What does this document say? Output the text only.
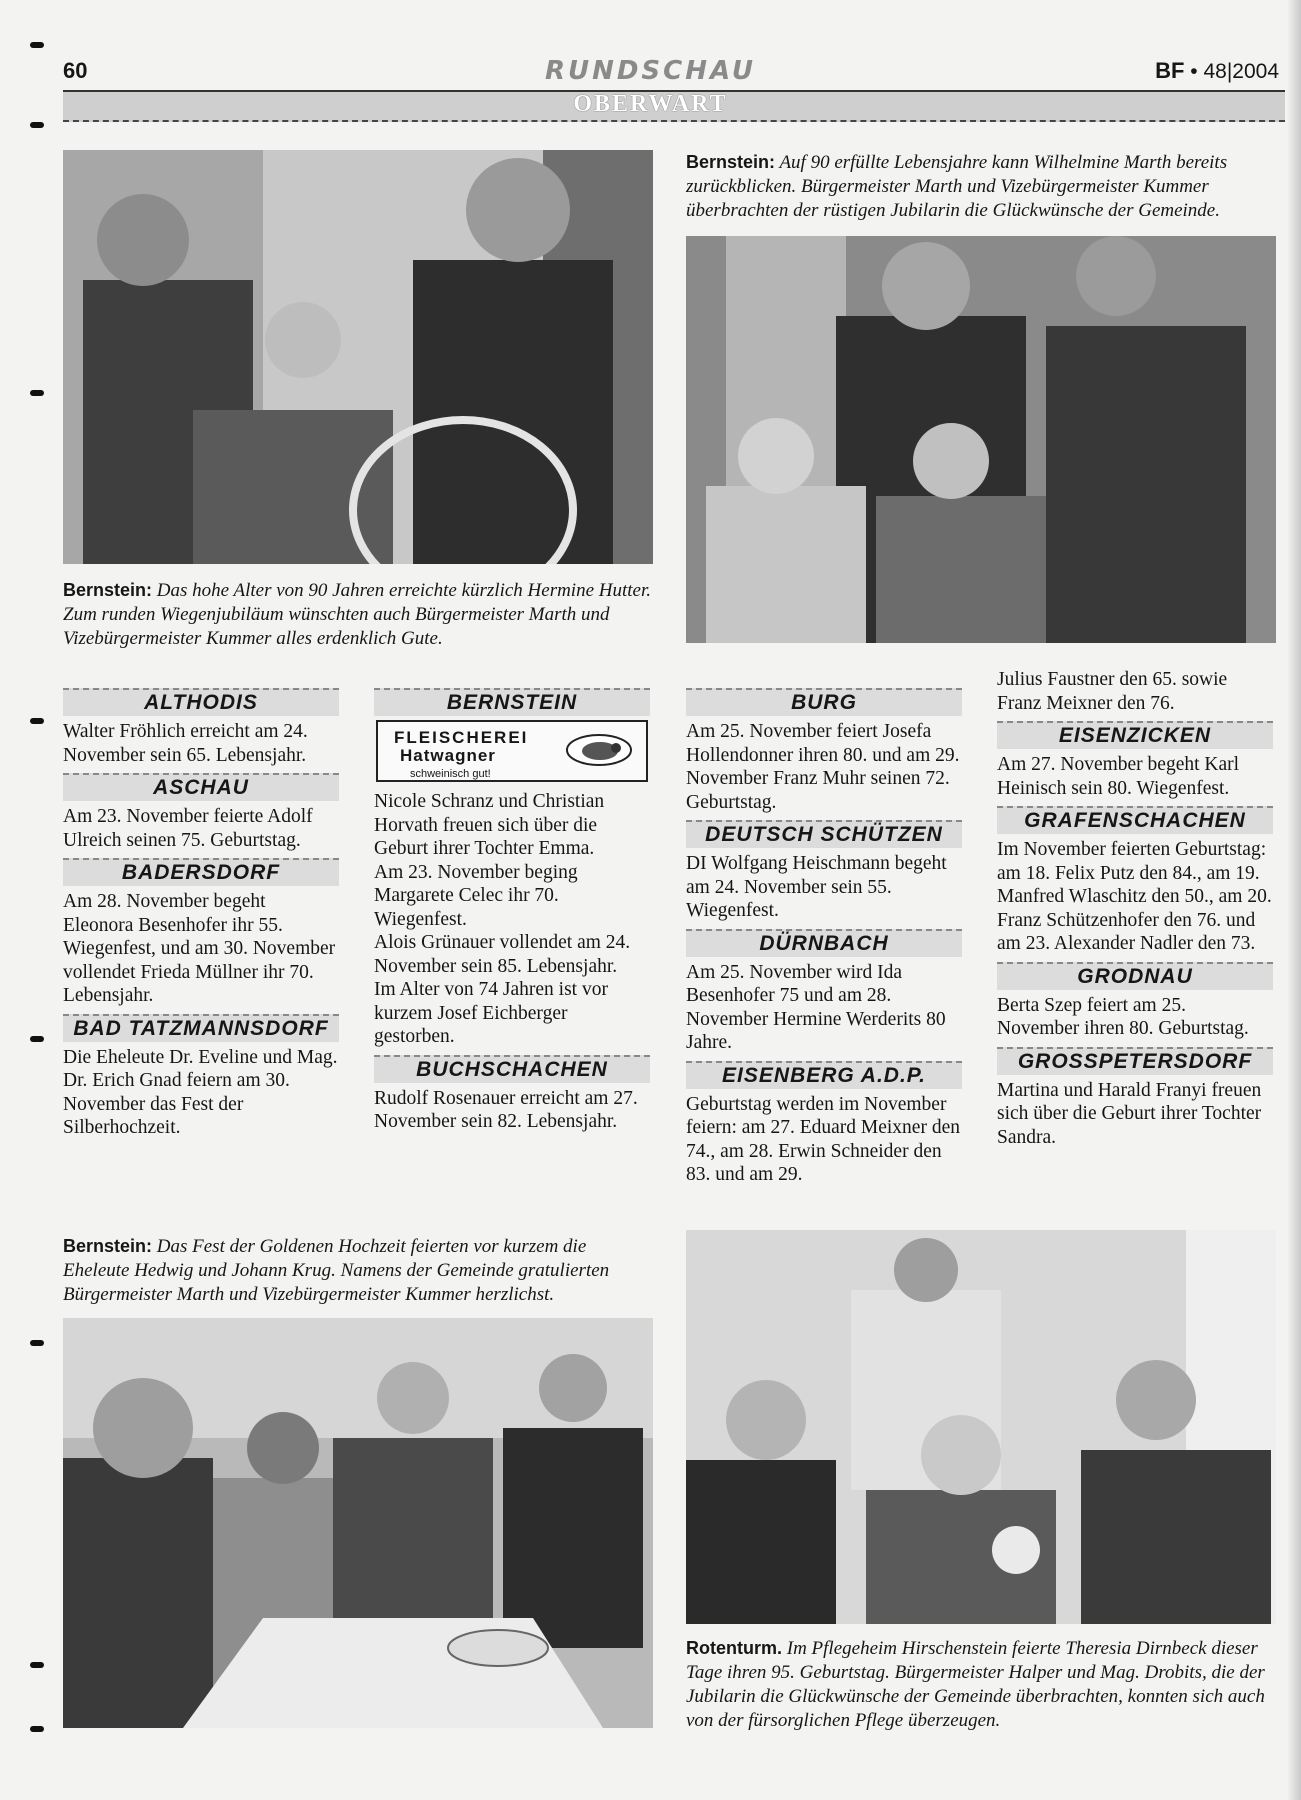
60	RUNDSCHAU	BF • 48|2004
OBERWART
Bernstein: Das hohe Alter von 90 Jahren erreichte kürzlich Hermine Hutter. Zum runden Wiegenjubiläum wünschten auch Bürgermeister Marth und Vizebürgermeister Kummer alles erdenklich Gute.
Bernstein: Auf 90 erfüllte Lebensjahre kann Wilhelmine Marth bereits zurückblicken. Bürgermeister Marth und Vizebürgermeister Kummer überbrachten der rüstigen Jubilarin die Glückwünsche der Gemeinde.
ALTHODIS

Walter Fröhlich erreicht am 24. November sein 65. Lebensjahr.

ASCHAU

Am 23. November feierte Adolf Ulreich seinen 75. Geburtstag.

BADERSDORF

Am 28. November begeht Eleonora Besenhofer ihr 55. Wiegenfest, und am 30. November vollendet Frieda Müllner ihr 70. Lebensjahr.

BAD TATZMANNSDORF

Die Eheleute Dr. Eveline und Mag. Dr. Erich Gnad feiern am 30. November das Fest der Silberhochzeit.

BERNSTEIN
FLEISCHEREI
Hatwagner
schweinisch gut!

Nicole Schranz und Christian Horvath freuen sich über die Geburt ihrer Tochter Emma.

Am 23. November beging Margarete Celec ihr 70. Wiegenfest.

Alois Grünauer vollendet am 24. November sein 85. Lebensjahr.

Im Alter von 74 Jahren ist vor kurzem Josef Eichberger gestorben.

BUCHSCHACHEN

Rudolf Rosenauer erreicht am 27. November sein 82. Lebensjahr.

BURG

Am 25. November feiert Josefa Hollendonner ihren 80. und am 29. November Franz Muhr seinen 72. Geburtstag.

DEUTSCH SCHÜTZEN

DI Wolfgang Heischmann begeht am 24. November sein 55. Wiegenfest.

DÜRNBACH

Am 25. November wird Ida Besenhofer 75 und am 28. November Hermine Werderits 80 Jahre.

EISENBERG A.D.P.

Geburtstag werden im November feiern: am 27. Eduard Meixner den 74., am 28. Erwin Schneider den 83. und am 29.

Julius Faustner den 65. sowie Franz Meixner den 76.

EISENZICKEN

Am 27. November begeht Karl Heinisch sein 80. Wiegenfest.

GRAFENSCHACHEN

Im November feierten Geburtstag: am 18. Felix Putz den 84., am 19. Manfred Wlaschitz den 50., am 20. Franz Schützenhofer den 76. und am 23. Alexander Nadler den 73.

GRODNAU

Berta Szep feiert am 25. November ihren 80. Geburtstag.

GROSSPETERSDORF

Martina und Harald Franyi freuen sich über die Geburt ihrer Tochter Sandra.

Bernstein: Das Fest der Goldenen Hochzeit feierten vor kurzem die Eheleute Hedwig und Johann Krug. Namens der Gemeinde gratulierten Bürgermeister Marth und Vizebürgermeister Kummer herzlichst.
Rotenturm. Im Pflegeheim Hirschenstein feierte Theresia Dirnbeck dieser Tage ihren 95. Geburtstag. Bürgermeister Halper und Mag. Drobits, die der Jubilarin die Glückwünsche der Gemeinde überbrachten, konnten sich auch von der fürsorglichen Pflege überzeugen.
